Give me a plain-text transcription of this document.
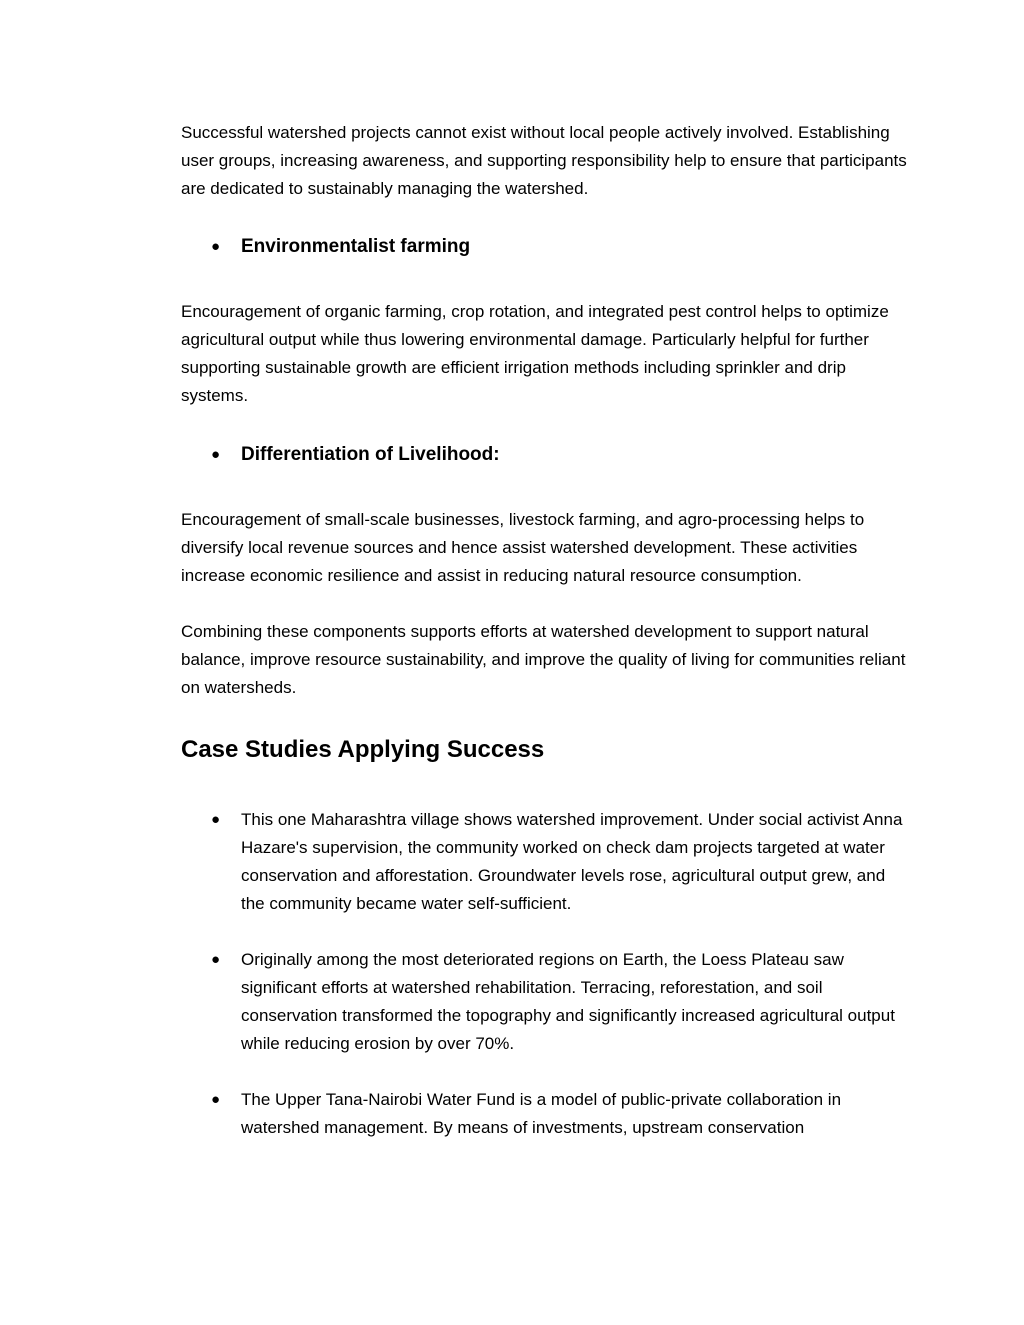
Successful watershed projects cannot exist without local people actively involved. Establishing user groups, increasing awareness, and supporting responsibility help to ensure that participants are dedicated to sustainably managing the watershed.

● Environmentalist farming

Encouragement of organic farming, crop rotation, and integrated pest control helps to optimize agricultural output while thus lowering environmental damage. Particularly helpful for further supporting sustainable growth are efficient irrigation methods including sprinkler and drip systems.

● Differentiation of Livelihood:

Encouragement of small-scale businesses, livestock farming, and agro-processing helps to diversify local revenue sources and hence assist watershed development. These activities increase economic resilience and assist in reducing natural resource consumption.

Combining these components supports efforts at watershed development to support natural balance, improve resource sustainability, and improve the quality of living for communities reliant on watersheds.

Case Studies Applying Success
● This one Maharashtra village shows watershed improvement. Under social activist Anna Hazare's supervision, the community worked on check dam projects targeted at water conservation and afforestation. Groundwater levels rose, agricultural output grew, and the community became water self-sufficient.
● Originally among the most deteriorated regions on Earth, the Loess Plateau saw significant efforts at watershed rehabilitation. Terracing, reforestation, and soil conservation transformed the topography and significantly increased agricultural output while reducing erosion by over 70%.
● The Upper Tana-Nairobi Water Fund is a model of public-private collaboration in watershed management. By means of investments, upstream conservation
